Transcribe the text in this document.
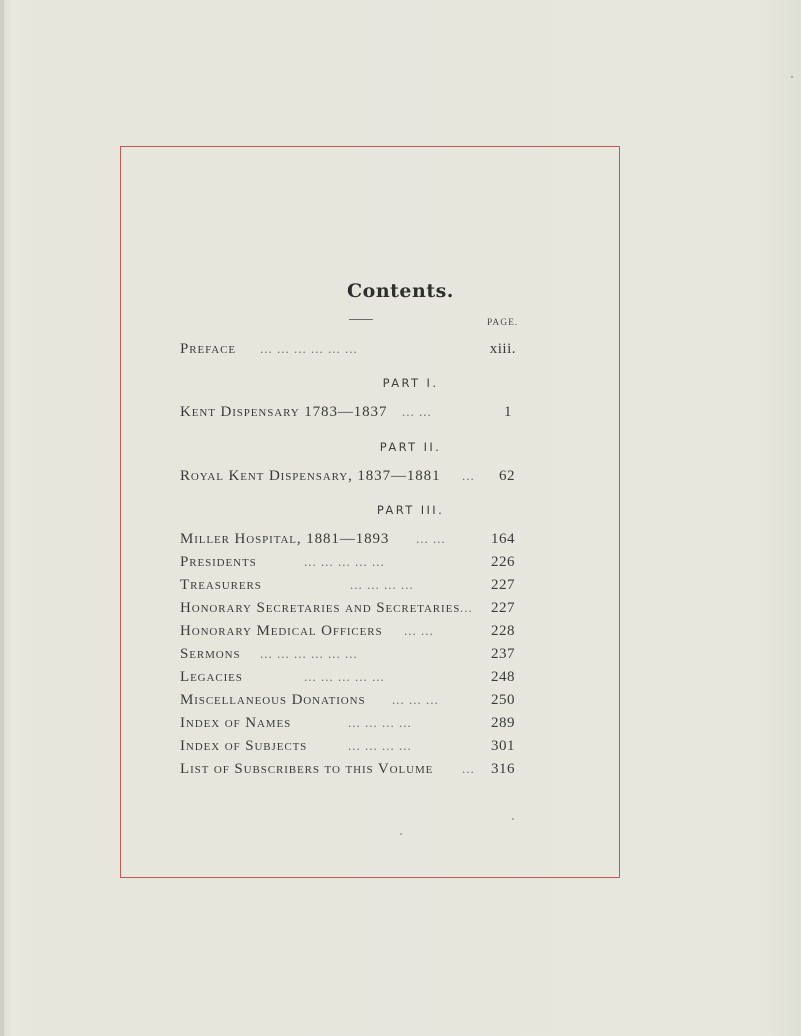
Contents.
PAGE.
Preface ... ... ... ... ... ...	xiii.
PART I.
Kent Dispensary 1783—1837 ... ...	1
PART II.
Royal Kent Dispensary, 1837—1881 ... 62
PART III.
Miller Hospital, 1881—1893 ... ...	164
Presidents	... ... ... ... ...	226
Treasurers	... ... ... ...	227
Honorary Secretaries and Secretaries ... 227
Honorary Medical Officers ... ...	228
Sermons ... ... ... ... ... ...	237
Legacies	... ... ... ... ...	248
Miscellaneous Donations ... ... ...	250
Index of Names	... ... ... ...	289
Index of Subjects	... ... ... ...	301
List of Subscribers to this Volume ... 316
